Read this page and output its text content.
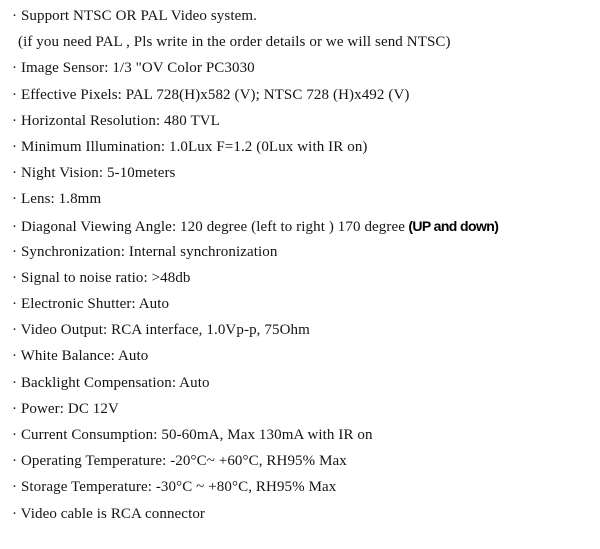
· Support NTSC OR PAL Video system.
(if you need PAL , Pls write in the order details or we will send NTSC)
· Image Sensor: 1/3 "OV Color PC3030
· Effective Pixels: PAL 728(H)x582 (V); NTSC 728 (H)x492 (V)
· Horizontal Resolution: 480 TVL
· Minimum Illumination: 1.0Lux F=1.2 (0Lux with IR on)
· Night Vision: 5-10meters
· Lens: 1.8mm
· Diagonal Viewing Angle: 120 degree (left to right ) 170 degree (UP and down)
· Synchronization: Internal synchronization
· Signal to noise ratio: >48db
· Electronic Shutter: Auto
· Video Output: RCA interface, 1.0Vp-p, 75Ohm
· White Balance: Auto
· Backlight Compensation: Auto
· Power: DC 12V
· Current Consumption: 50-60mA, Max 130mA with IR on
· Operating Temperature: -20°C~ +60°C, RH95% Max
· Storage Temperature: -30°C ~ +80°C, RH95% Max
· Video cable is RCA connector
